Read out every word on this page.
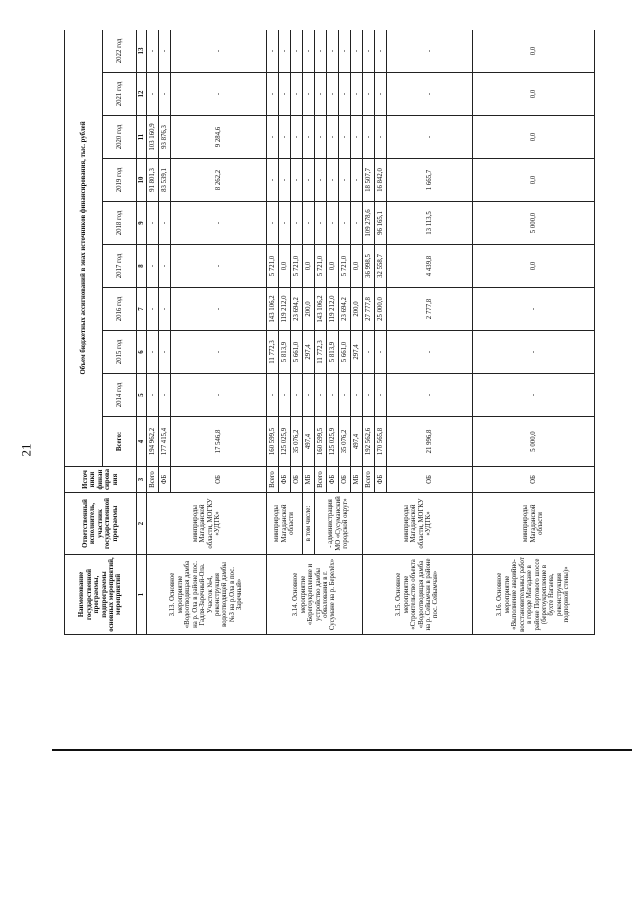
21
Наименование государственной программы, подпрограммы основных мероприятий, мероприятий	Ответственный исполнитель, участник государственной программы	Источники финансирования	Объем бюджетных ассигнований в энах источников финансирования, тыс. рублей									
			Всего:	2014 год	2015 год	2016 год	2017 год	2018 год	2019 год	2020 год	2021 год	2022 год
1	2	3	4	5	6	7	8	9	10	11	12	13
3.13. Основное мероприятие «Водоотводящая дамба на р. Ола в районе пос. Гадля-Заречный-Ола. Участок №4, реконструкция водоотводящей дамбы №3 на р.Ола в пос. Заречный»	минприроды Магаданской области, МОГКУ «УДТК»	Всего	194 962,2	-	-	-	-	-	91 801,3	103 160,9	-	-
		ФБ	177 415,4	-	-	-	-	-	83 539,1	93 876,3	-	-
		ОБ	17 546,8	-	-	-	-	-	8 262,2	9 284,6	-	-
3.14. Основное мероприятие «Берегоукрепление и устройство дамбы обвалования в г. Сусумане на р. Берелёх»	минприроды Магаданской области	Всего	160 599,5	-	11 772,3	143 106,2	5 721,0	-	-	-	-	-
		ФБ	125 025,9	-	5 813,9	119 212,0	0,0	-	-	-	-	-
		ОБ	35 076,2	-	5 661,0	23 694,2	5 721,0	-	-	-	-	-
	в том числе:	МБ	497,4	-	297,4	200,0	0,0	-	-	-	-	-
	- администрация МО «Сусуманский городской округ»	Всего	160 599,5	-	11 772,3	143 106,2	5 721,0	-	-	-	-	-
		ФБ	125 025,9	-	5 813,9	119 212,0	0,0	-	-	-	-	-
		ОБ	35 076,2	-	5 661,0	23 694,2	5 721,0	-	-	-	-	-
		МБ	497,4	-	297,4	200,0	0,0	-	-	-	-	-
3.15. Основное мероприятие «Строительство объекта «Водоотводящая дамба на р. Сейымчан в районе пос. Сейымчан»	минприроды Магаданской области, МОГКУ «УДТК»	Всего	192 562,6	-	-	27 777,8	36 998,5	109 278,6	18 507,7	-	-	-
		ФБ	170 565,8	-	-	25 000,0	32 558,7	96 165,1	16 842,0	-	-	-
		ОБ	21 996,8	-	-	2 777,8	4 439,8	13 113,5	1 665,7	-	-	-
3.16. Основное мероприятие «Выполнение аварийно-восстановительных работ в городе Магадане в районе Портового шоссе (берегоукрепление в бухте Нагаева, реконструкция подпорной стены)»	минприроды Магаданской области	ОБ	5 000,0	-	-	-	0,0	5 000,0	0,0	0,0	0,0	0,0
